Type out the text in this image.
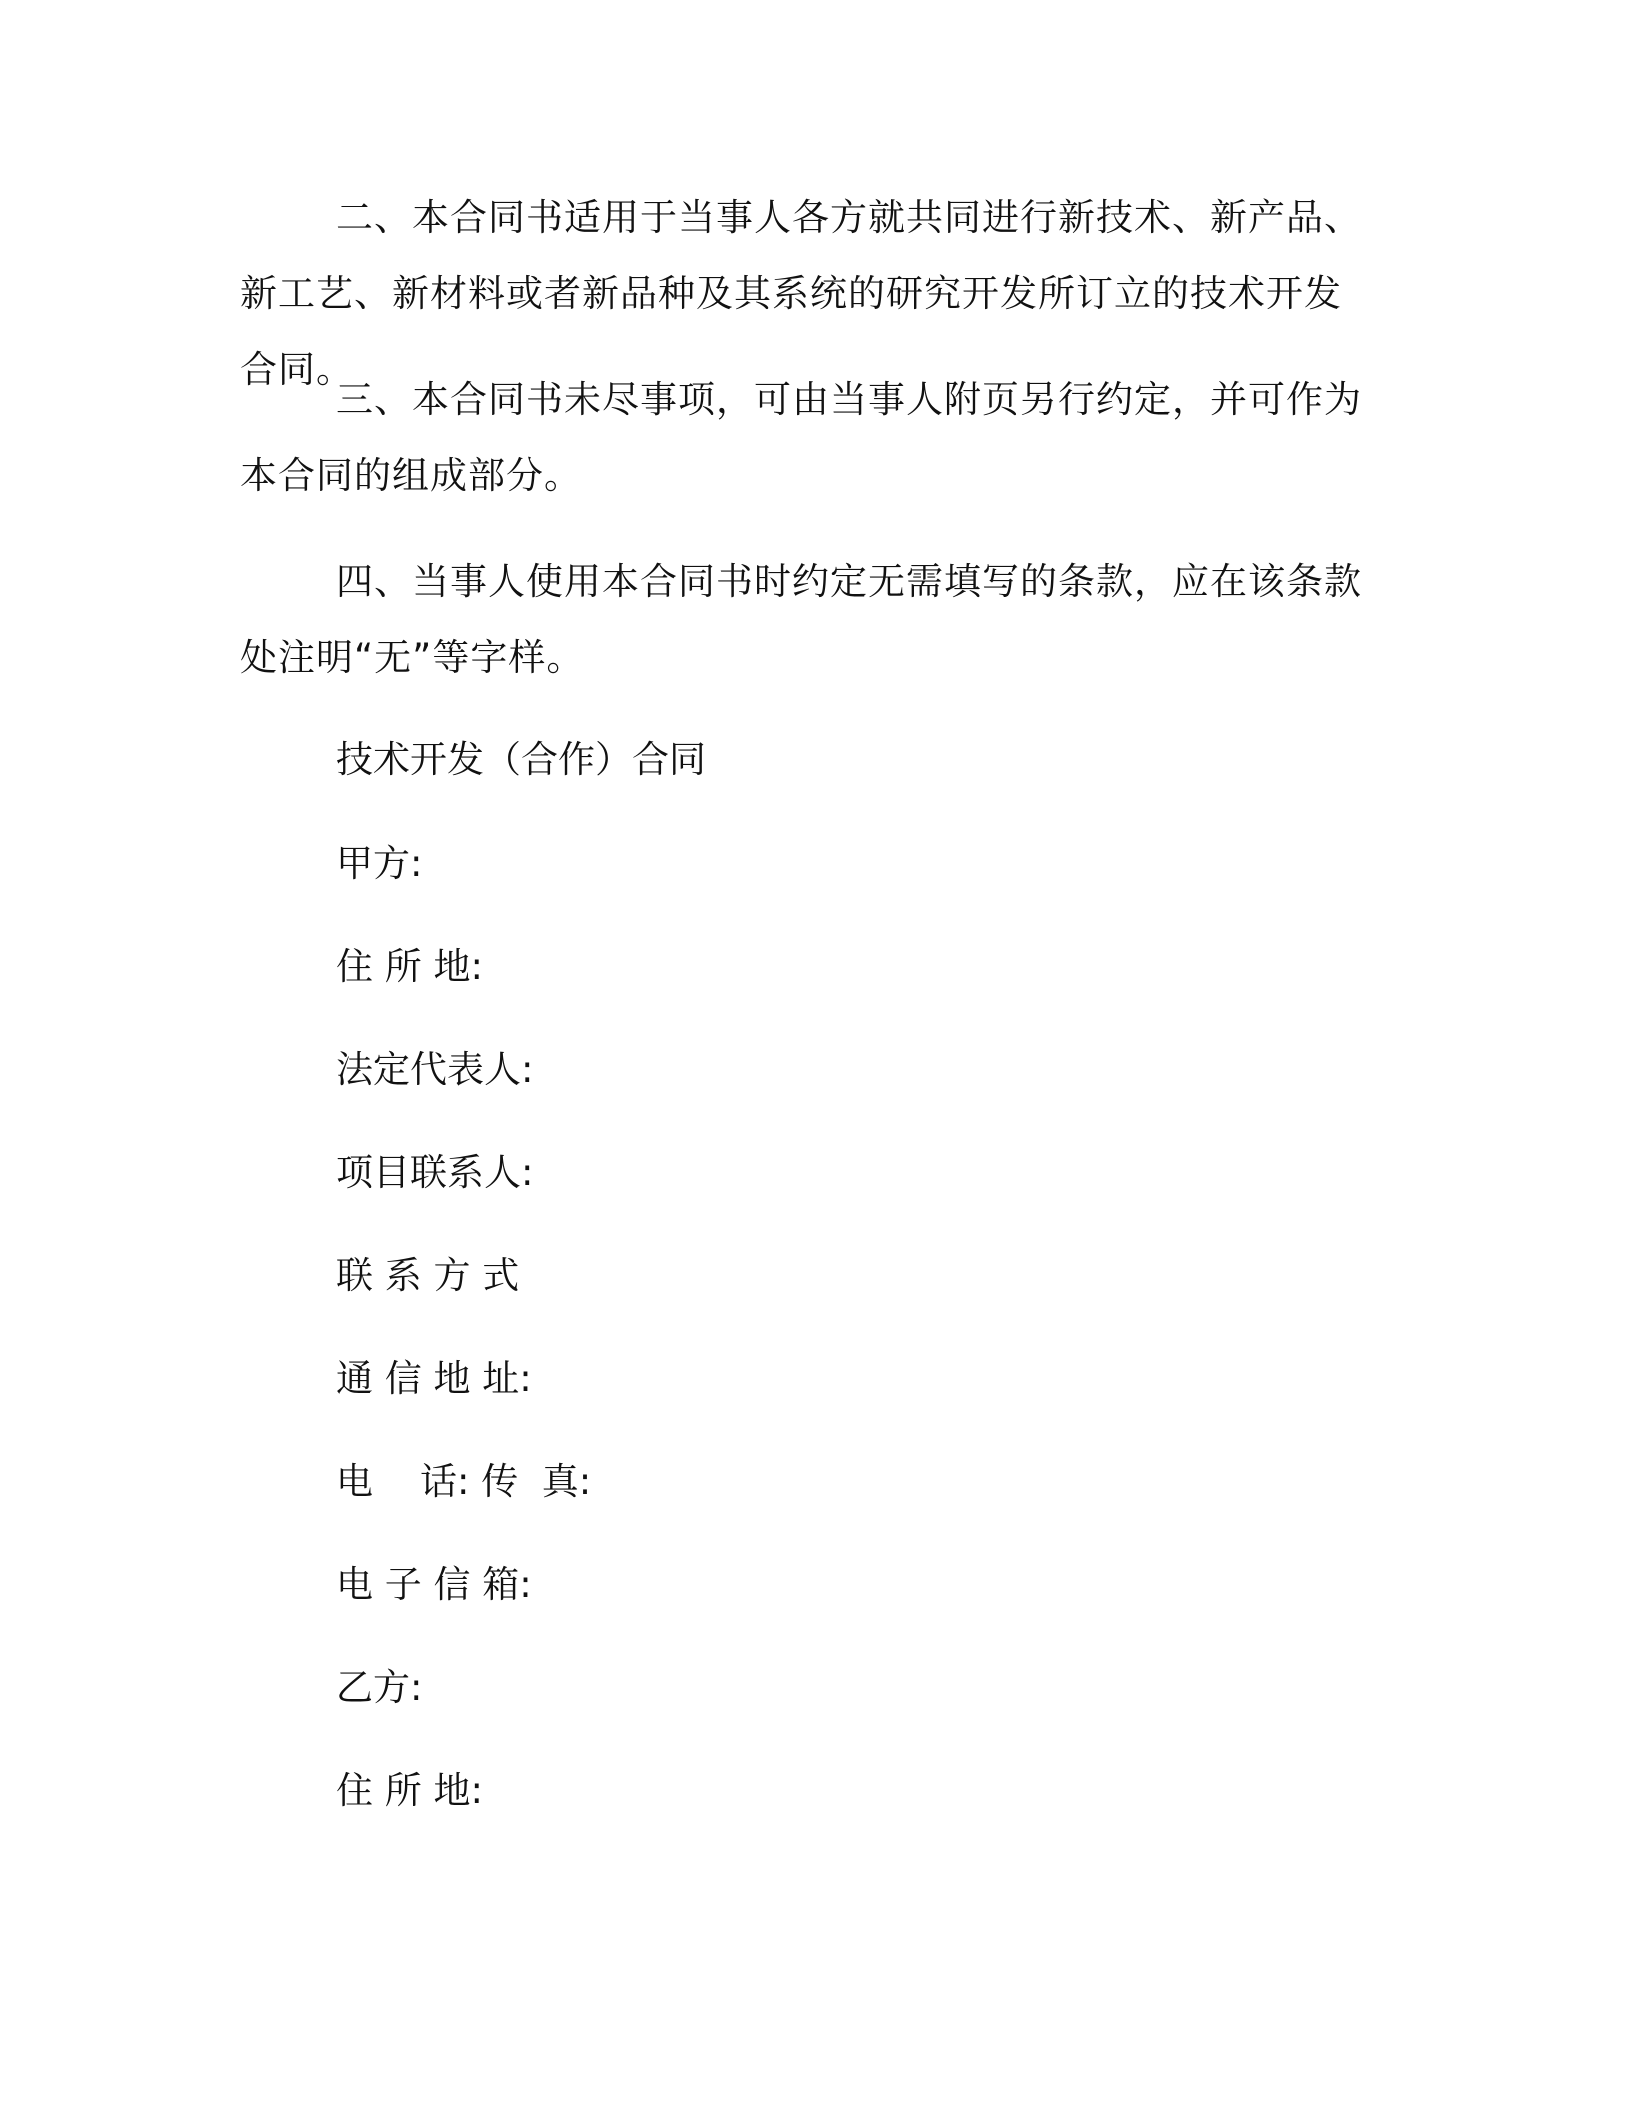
二、本合同书适用于当事人各方就共同进行新技术、新产品、新工艺、新材料或者新品种及其系统的研究开发所订立的技术开发合同。

三、本合同书未尽事项，可由当事人附页另行约定，并可作为本合同的组成部分。

四、当事人使用本合同书时约定无需填写的条款，应在该条款处注明“无”等字样。

技术开发（合作）合同

甲方:

住 所 地:

法定代表人:

项目联系人:

联 系 方 式

通 信 地 址:

电    话: 传  真:

电 子 信 箱:

乙方:

住 所 地:
